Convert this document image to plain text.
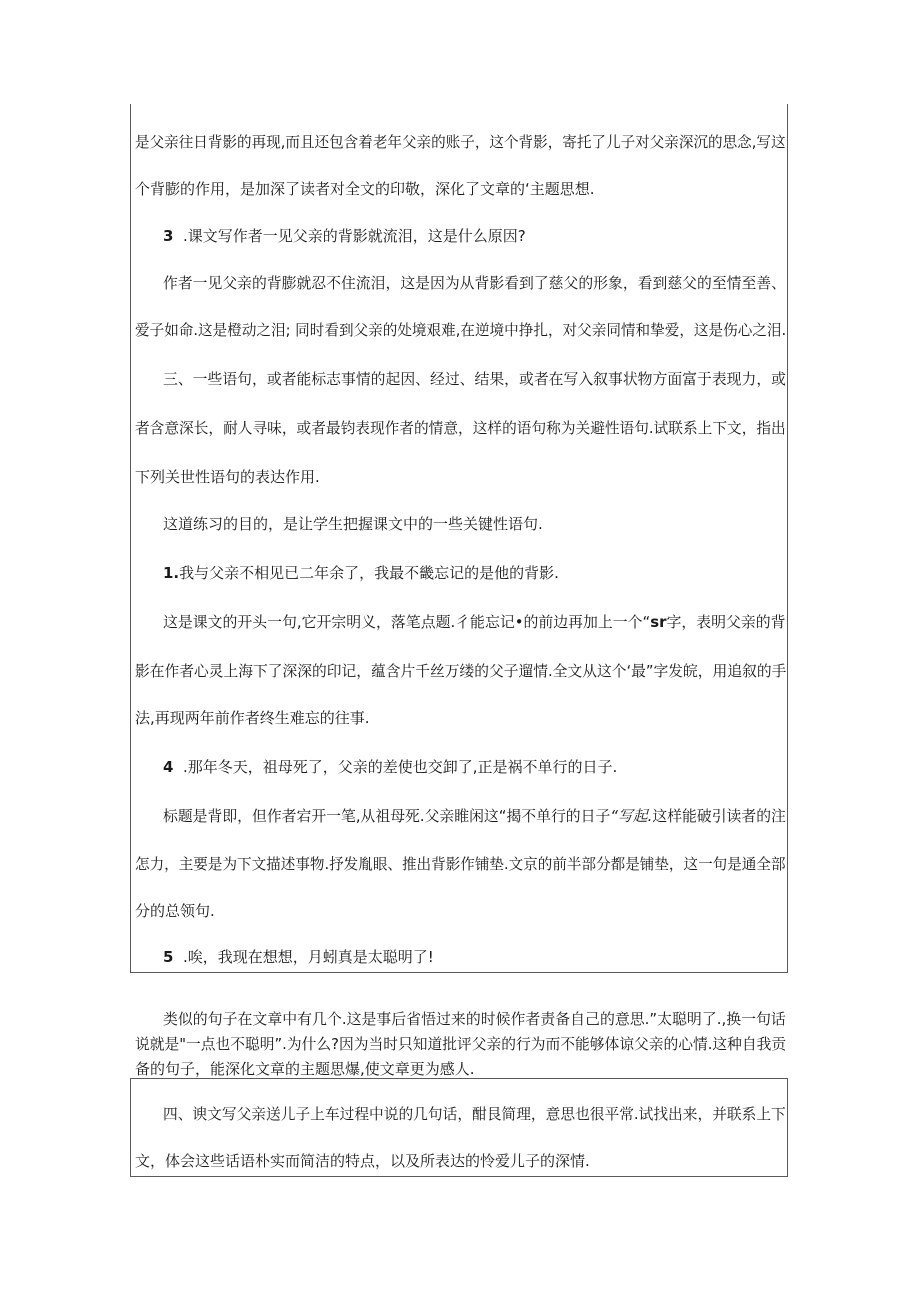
是父亲往日背影的再现,而且还包含着老年父亲的账子，这个背影，寄托了儿子对父亲深沉的思念,写这
个背膨的作用，是加深了读者对全文的印敬，深化了文章的‘主题思想.
3 .课文写作者一见父亲的背影就流泪，这是什么原因?
作者一见父亲的背膨就忍不住流泪，这是因为从背影看到了慈父的形象，看到慈父的至情至善、
爱子如命.这是橙动之泪; 同时看到父亲的处境艰难,在逆境中挣扎，对父亲同情和挚爱，这是伤心之泪.
三、一些语句，或者能标志事情的起因、经过、结果，或者在写入叙事状物方面富于表现力，或
者含意深长，耐人寻味，或者最钧表现作者的情意，这样的语句称为关避性语句.试联系上下文，指出
下列关世性语句的表达作用.
这道练习的目的，是让学生把握课文中的一些关键性语句.
1.我与父亲不相见已二年余了，我最不畿忘记的是他的背影.
这是课文的开头一句,它开宗明义，落笔点题.彳能忘记•的前边再加上一个“sr字，表明父亲的背
影在作者心灵上海下了深深的印记，蕴含片千丝万缕的父子遛情.全文从这个‘最”字发皖，用追叙的手
法,再现两年前作者终生难忘的往事.
4 .那年冬天，祖母死了，父亲的差使也交卸了,正是祸不单行的日子.
标题是背即，但作者宕开一笔,从祖母死.父亲睢闲这“揭不单行的日子“写起.这样能破引读者的注
怎力，主要是为下文描述事物.抒发胤眼、推出背影作铺垫.文京的前半部分都是铺垫，这一句是通全部
分的总领句.
5 .唉，我现在想想，月蚓真是太聪明了!
类似的句子在文章中有几个.这是事后省悟过来的时候作者责备自己的意思.”太聪明了.,换一句话
说就是"一点也不聪明”.为什么?因为当时只知道批评父亲的行为而不能够体谅父亲的心情.这种自我贡
备的句子，能深化文章的主题思爆,使文章更为感人.
四、谀文写父亲送儿子上车过程中说的几句话，酣艮简理，意思也很平常.试找出来，并联系上下
文，体会这些话语朴实而简洁的特点，以及所表达的怜爱儿子的深情.
